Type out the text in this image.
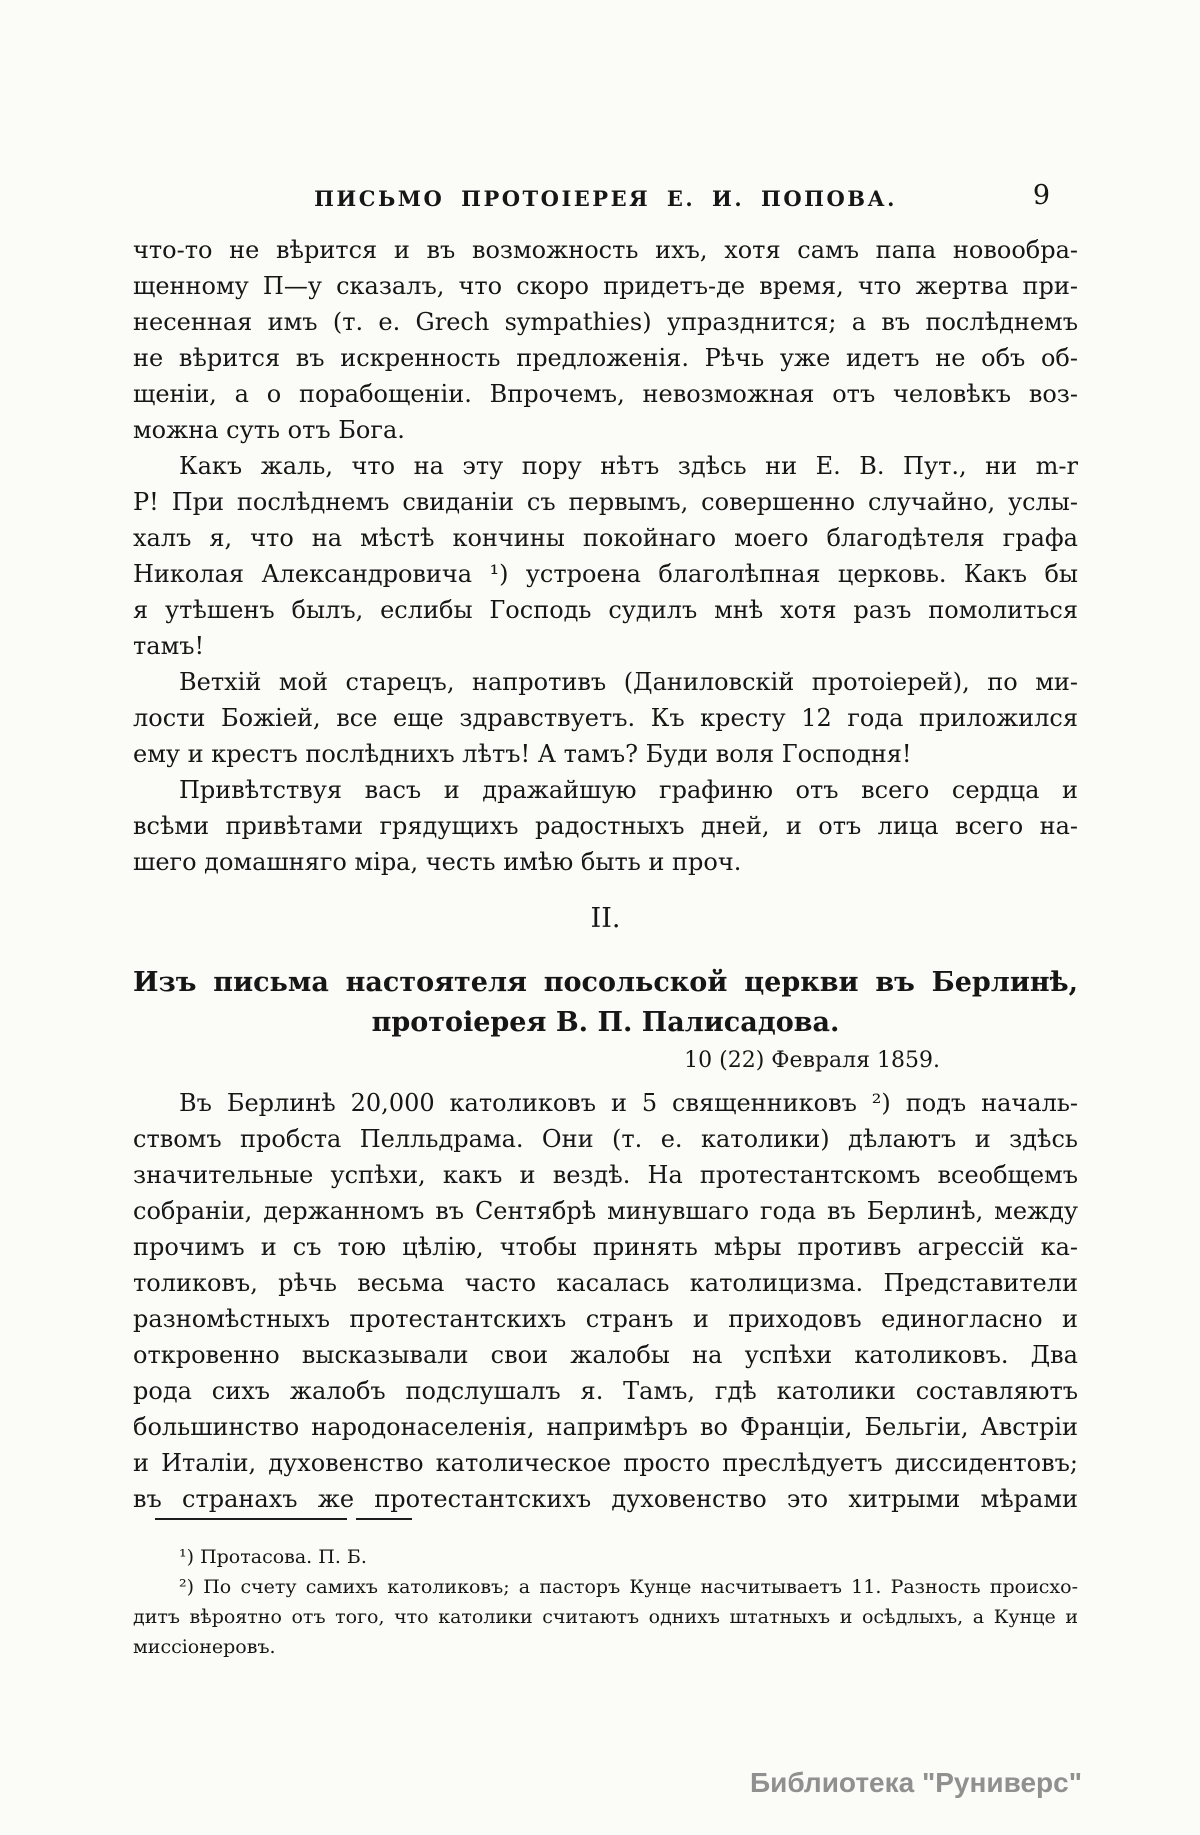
ПИСЬМО ПРОТОІЕРЕЯ Е. И. ПОПОВА.	9
что-то не вѣрится и въ возможность ихъ, хотя самъ папа новообра-
щенному П—у сказалъ, что скоро придетъ-де время, что жертва при-
несенная имъ (т. е. Grech sympathies) упразднится; а въ послѣднемъ
не вѣрится въ искренность предложенія. Рѣчь уже идетъ не объ об-
щеніи, а о порабощеніи. Впрочемъ, невозможная отъ человѣкъ воз-
можна суть отъ Бога.
Какъ жаль, что на эту пору нѣтъ здѣсь ни Е. В. Пут., ни m-r
Р! При послѣднемъ свиданіи съ первымъ, совершенно случайно, услы-
халъ я, что на мѣстѣ кончины покойнаго моего благодѣтеля графа
Николая Александровича ¹) устроена благолѣпная церковь. Какъ бы
я утѣшенъ былъ, еслибы Господь судилъ мнѣ хотя разъ помолиться
тамъ!
Ветхій мой старецъ, напротивъ (Даниловскій протоіерей), по ми-
лости Божіей, все еще здравствуетъ. Къ кресту 12 года приложился
ему и крестъ послѣднихъ лѣтъ! А тамъ? Буди воля Господня!
Привѣтствуя васъ и дражайшую графиню отъ всего сердца и
всѣми привѣтами грядущихъ радостныхъ дней, и отъ лица всего на-
шего домашняго міра, честь имѣю быть и проч.
II.
Изъ письма настоятеля посольской церкви въ Берлинѣ,
протоіерея В. П. Палисадова.
10 (22) Февраля 1859.
Въ Берлинѣ 20,000 католиковъ и 5 священниковъ ²) подъ началь-
ствомъ пробста Пелльдрама. Они (т. е. католики) дѣлаютъ и здѣсь
значительные успѣхи, какъ и вездѣ. На протестантскомъ всеобщемъ
собраніи, держанномъ въ Сентябрѣ минувшаго года въ Берлинѣ, между
прочимъ и съ тою цѣлію, чтобы принять мѣры противъ агрессій ка-
толиковъ, рѣчь весьма часто касалась католицизма. Представители
разномѣстныхъ протестантскихъ странъ и приходовъ единогласно и
откровенно высказывали свои жалобы на успѣхи католиковъ. Два
рода сихъ жалобъ подслушалъ я. Тамъ, гдѣ католики составляютъ
большинство народонаселенія, напримѣръ во Франціи, Бельгіи, Австріи
и Италіи, духовенство католическое просто преслѣдуетъ диссидентовъ;
въ странахъ же протестантскихъ духовенство это хитрыми мѣрами
¹) Протасова. П. Б.
²) По счету самихъ католиковъ; а пасторъ Кунце насчитываетъ 11. Разность происхо-
дитъ вѣроятно отъ того, что католики считаютъ однихъ штатныхъ и осѣдлыхъ, а Кунце и
миссіонеровъ.
Библиотека "Руниверс"
